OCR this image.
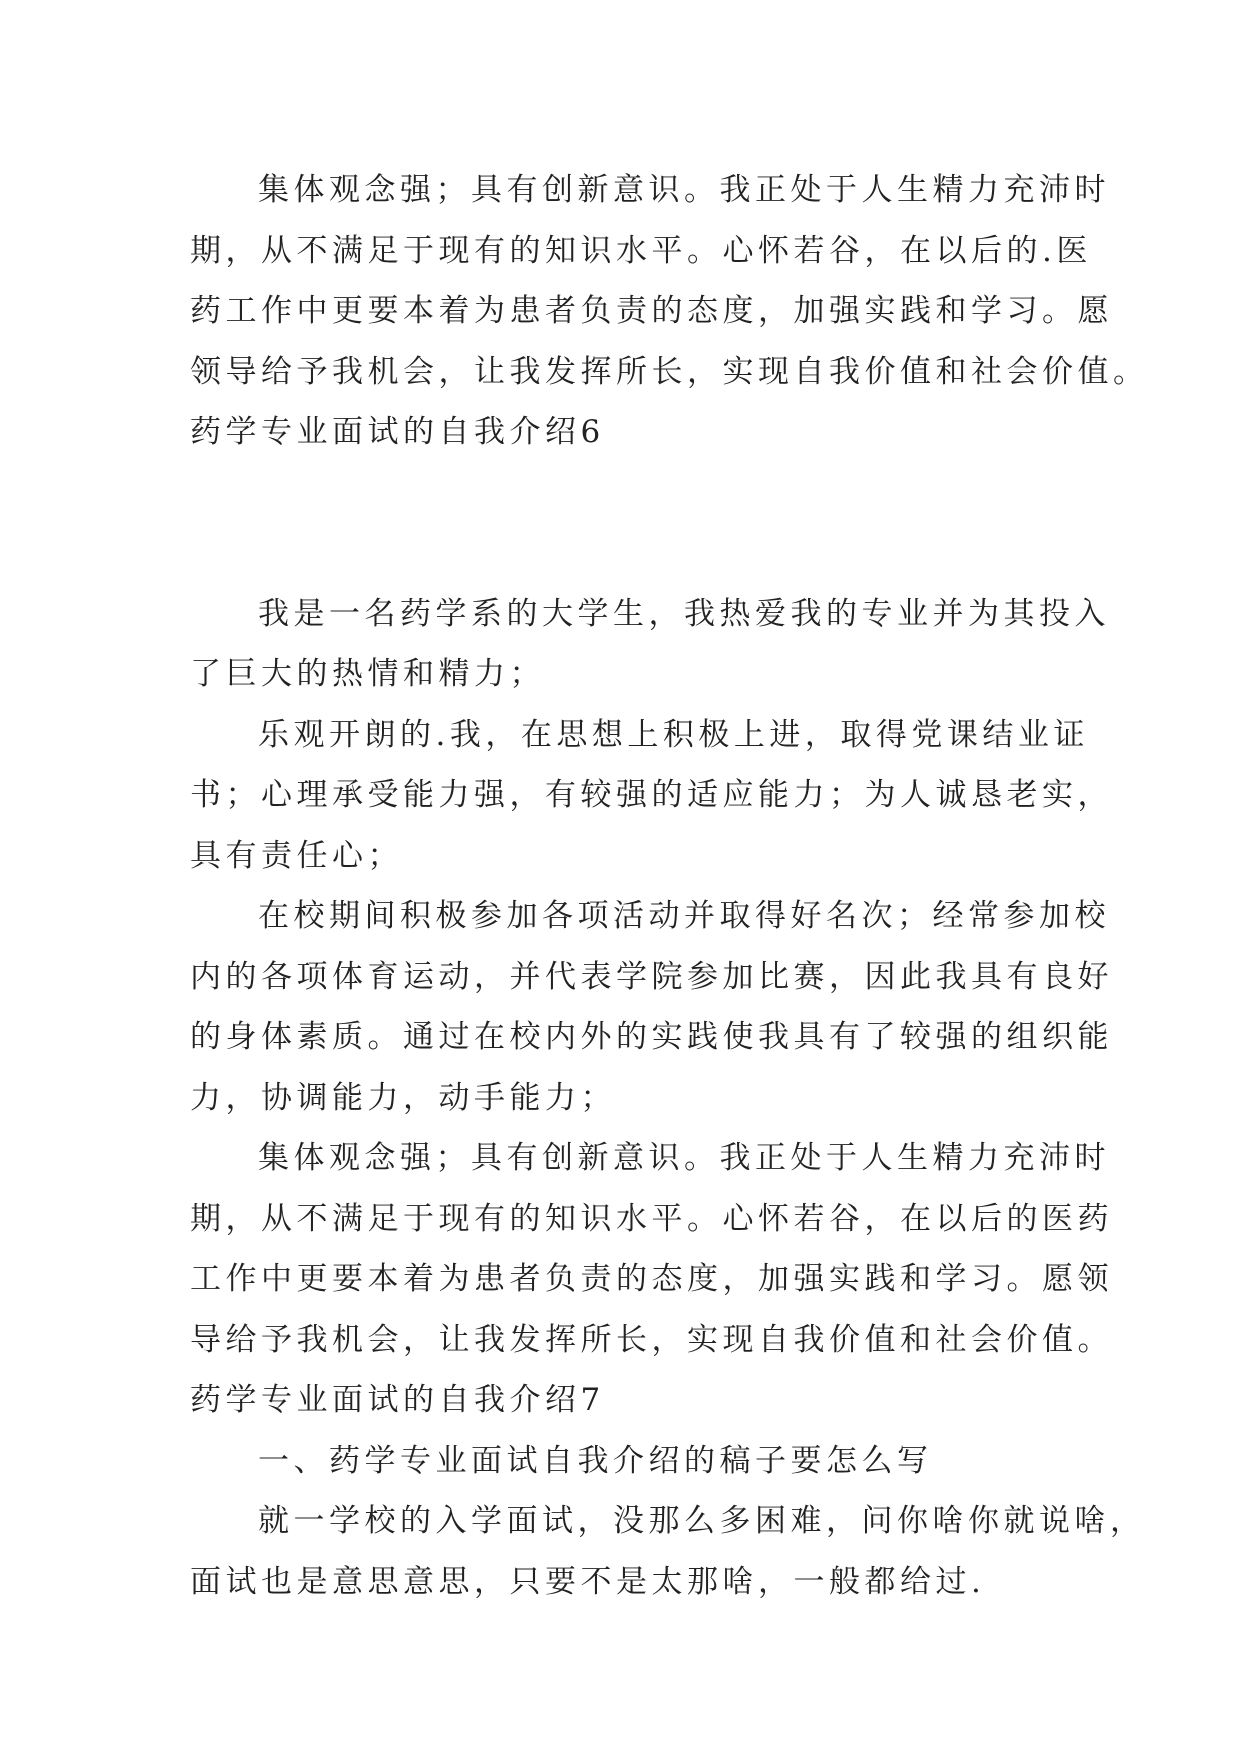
集体观念强；具有创新意识。我正处于人生精力充沛时
期，从不满足于现有的知识水平。心怀若谷，在以后的.医
药工作中更要本着为患者负责的态度，加强实践和学习。愿
领导给予我机会，让我发挥所长，实现自我价值和社会价值。
药学专业面试的自我介绍6
我是一名药学系的大学生，我热爱我的专业并为其投入
了巨大的热情和精力；
乐观开朗的.我，在思想上积极上进，取得党课结业证
书；心理承受能力强，有较强的适应能力；为人诚恳老实，
具有责任心；
在校期间积极参加各项活动并取得好名次；经常参加校
内的各项体育运动，并代表学院参加比赛，因此我具有良好
的身体素质。通过在校内外的实践使我具有了较强的组织能
力，协调能力，动手能力；
集体观念强；具有创新意识。我正处于人生精力充沛时
期，从不满足于现有的知识水平。心怀若谷，在以后的医药
工作中更要本着为患者负责的态度，加强实践和学习。愿领
导给予我机会，让我发挥所长，实现自我价值和社会价值。
药学专业面试的自我介绍7
一、药学专业面试自我介绍的稿子要怎么写
就一学校的入学面试，没那么多困难，问你啥你就说啥，
面试也是意思意思，只要不是太那啥，一般都给过.
